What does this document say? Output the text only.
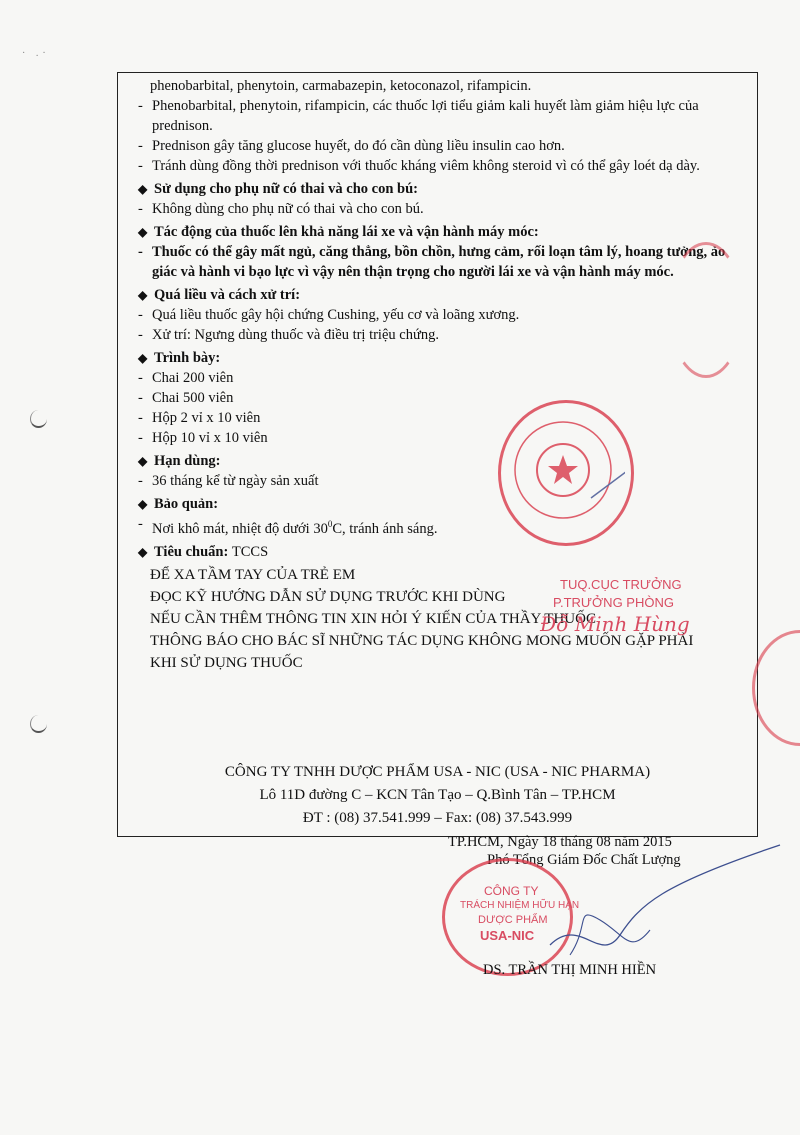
· .·
phenobarbital, phenytoin, carmabazepin, ketoconazol, rifampicin.
- Phenobarbital, phenytoin, rifampicin, các thuốc lợi tiểu giảm kali huyết làm giảm hiệu lực của prednison.
- Prednison gây tăng glucose huyết, do đó cần dùng liều insulin cao hơn.
- Tránh dùng đồng thời prednison với thuốc kháng viêm không steroid vì có thể gây loét dạ dày.
◆ Sử dụng cho phụ nữ có thai và cho con bú:
- Không dùng cho phụ nữ có thai và cho con bú.
◆ Tác động của thuốc lên khả năng lái xe và vận hành máy móc:
- Thuốc có thể gây mất ngủ, căng thẳng, bồn chồn, hưng cảm, rối loạn tâm lý, hoang tưởng, ảo giác và hành vi bạo lực vì vậy nên thận trọng cho người lái xe và vận hành máy móc.
◆ Quá liều và cách xử trí:
- Quá liều thuốc gây hội chứng Cushing, yếu cơ và loãng xương.
- Xử trí: Ngưng dùng thuốc và điều trị triệu chứng.
◆ Trình bày:
- Chai 200 viên
- Chai 500 viên
- Hộp 2 vỉ x 10 viên
- Hộp 10 vỉ x 10 viên
◆ Hạn dùng:
- 36 tháng kể từ ngày sản xuất
◆ Bảo quản:
- Nơi khô mát, nhiệt độ dưới $30^0C$, tránh ánh sáng.
◆ Tiêu chuẩn:
TCCS
ĐỂ XA TẦM TAY CỦA TRẺ EM
ĐỌC KỸ HƯỚNG DẪN SỬ DỤNG TRƯỚC KHI DÙNG
NẾU CẦN THÊM THÔNG TIN XIN HỎI Ý KIẾN CỦA THẦY THUỐC
THÔNG BÁO CHO BÁC SĨ NHỮNG TÁC DỤNG KHÔNG MONG MUỐN GẶP PHẢI
KHI SỬ DỤNG THUỐC
CÔNG TY TNHH DƯỢC PHẨM USA - NIC (USA - NIC PHARMA)
Lô 11D đường C – KCN Tân Tạo – Q.Bình Tân – TP.HCM
ĐT : (08) 37.541.999 – Fax: (08) 37.543.999
TUQ.CỤC TRƯỞNG
P.TRƯỞNG PHÒNG
Đỗ Minh Hùng
TP.HCM, Ngày 18 tháng 08 năm 2015
Phó Tổng Giám Đốc Chất Lượng
CÔNG TY
TRÁCH NHIỆM HỮU HẠN
DƯỢC PHẨM
USA-NIC
DS. TRẦN THỊ MINH HIỀN
